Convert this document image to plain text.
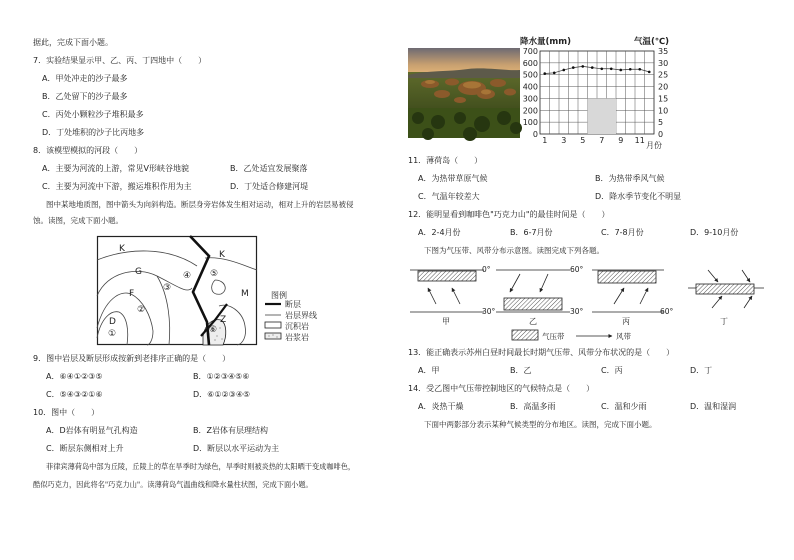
据此，完成下面小题。
7．实验结果显示甲、乙、丙、丁四地中（　　）
A．甲处冲走的沙子最多
B．乙处留下的沙子最多
C．丙处小颗粒沙子堆积最多
D．丁处堆积的沙子比丙地多
8．该模型模拟的河段（　　）
A．主要为河流的上游，常见V形峡谷地貌	B．乙处适宜发展聚落
C．主要为河流中下游，搬运堆积作用为主	D．丁处适合修建河堤
图中某地地质图，图中箭头为向斜构造。断层身旁岩体发生相对运动，相对上升的岩层易被侵
蚀。读图，完成下面小题。
K
G
F
D
①
②
③
④ ⑤
K
M
Z
⑥
图例
断层
岩层界线
沉积岩
岩浆岩
9．图中岩层及断层形成按新到老排序正确的是（　　）
A．⑥④①②③⑤	B．①②③④⑤⑥
C．⑤④③②①⑥	D．⑥①②③④⑤
10．图中（　　）
A．D岩体有明显气孔构造	B．Z岩体有层理结构
C．断层东侧相对上升	D．断层以水平运动为主
菲律宾薄荷岛中部为丘陵，丘陵上的草在旱季时为绿色，旱季时则被炎热的太阳晒干变成咖啡色，
酷似巧克力，因此将名"巧克力山"。读薄荷岛气温曲线和降水量柱状图，完成下面小题。
降水量(mm)	气温(℃)
0
100
200
300
400
500
600
700
0
5
10
15
20
25
30
35
1 3 5 7 9 11
月份
11．薄荷岛（　　）
A．为热带草原气候	B．为热带季风气候
C．气温年较差大	D．降水季节变化不明显
12．能明显看到咖啡色"巧克力山"的最佳时间是（　　）
A．2-4月份	B．6-7月份	C．7-8月份	D．9-10月份
下图为气压带、风带分布示意图。读图完成下列各题。
0°
30°
甲
60°
30°
乙
60°
丙	丁
气压带	风带
13．能正确表示苏州白昼时间最长时期气压带、风带分布状况的是（　　）
A．甲	B．乙	C．丙	D．丁
14．受乙图中气压带控制地区的气候特点是（　　）
A．炎热干燥	B．高温多雨	C．温和少雨	D．温和湿润
下面中两影部分表示某种气候类型的分布地区。读图，完成下面小题。
